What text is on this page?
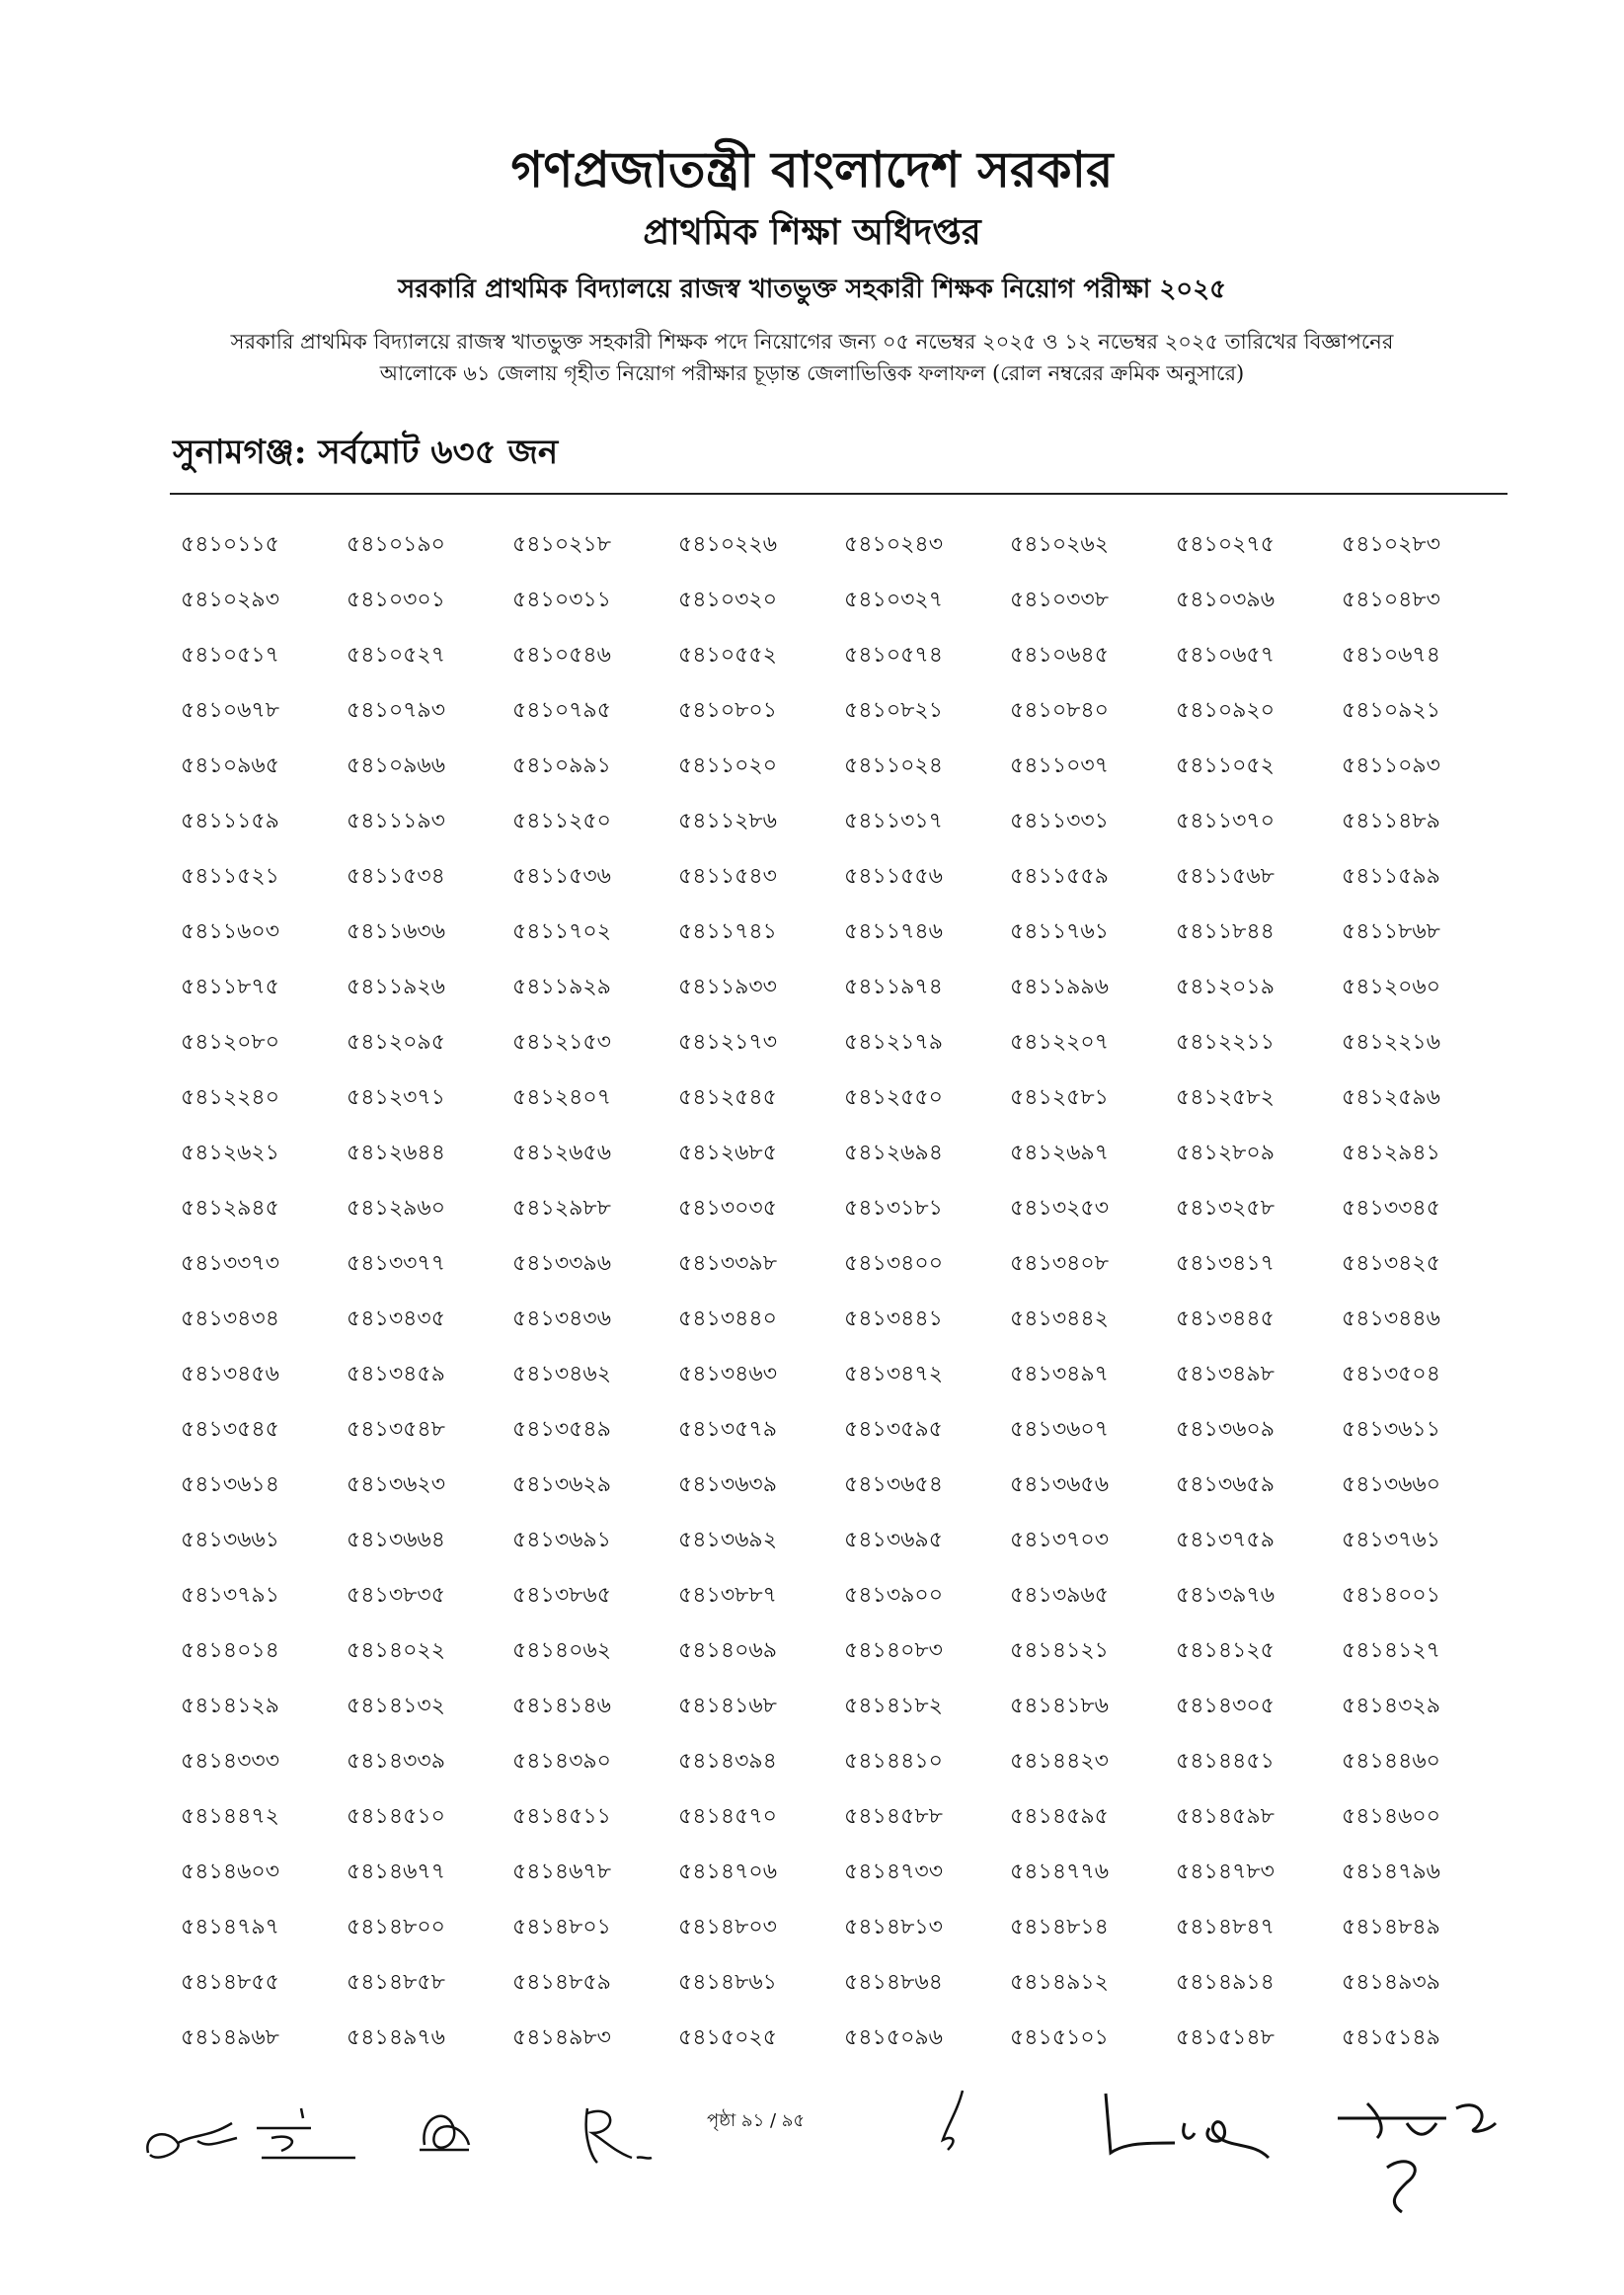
গণপ্রজাতন্ত্রী বাংলাদেশ সরকার
প্রাথমিক শিক্ষা অধিদপ্তর
সরকারি প্রাথমিক বিদ্যালয়ে রাজস্ব খাতভুক্ত সহকারী শিক্ষক নিয়োগ পরীক্ষা ২০২৫
সরকারি প্রাথমিক বিদ্যালয়ে রাজস্ব খাতভুক্ত সহকারী শিক্ষক পদে নিয়োগের জন্য ০৫ নভেম্বর ২০২৫ ও ১২ নভেম্বর ২০২৫ তারিখের বিজ্ঞাপনের
আলোকে ৬১ জেলায় গৃহীত নিয়োগ পরীক্ষার চূড়ান্ত জেলাভিত্তিক ফলাফল (রোল নম্বরের ক্রমিক অনুসারে)
সুনামগঞ্জ: সর্বমোট ৬৩৫ জন
৫৪১০১১৫	৫৪১০১৯০	৫৪১০২১৮	৫৪১০২২৬	৫৪১০২৪৩	৫৪১০২৬২	৫৪১০২৭৫	৫৪১০২৮৩
৫৪১০২৯৩	৫৪১০৩০১	৫৪১০৩১১	৫৪১০৩২০	৫৪১০৩২৭	৫৪১০৩৩৮	৫৪১০৩৯৬	৫৪১০৪৮৩
৫৪১০৫১৭	৫৪১০৫২৭	৫৪১০৫৪৬	৫৪১০৫৫২	৫৪১০৫৭৪	৫৪১০৬৪৫	৫৪১০৬৫৭	৫৪১০৬৭৪
৫৪১০৬৭৮	৫৪১০৭৯৩	৫৪১০৭৯৫	৫৪১০৮০১	৫৪১০৮২১	৫৪১০৮৪০	৫৪১০৯২০	৫৪১০৯২১
৫৪১০৯৬৫	৫৪১০৯৬৬	৫৪১০৯৯১	৫৪১১০২০	৫৪১১০২৪	৫৪১১০৩৭	৫৪১১০৫২	৫৪১১০৯৩
৫৪১১১৫৯	৫৪১১১৯৩	৫৪১১২৫০	৫৪১১২৮৬	৫৪১১৩১৭	৫৪১১৩৩১	৫৪১১৩৭০	৫৪১১৪৮৯
৫৪১১৫২১	৫৪১১৫৩৪	৫৪১১৫৩৬	৫৪১১৫৪৩	৫৪১১৫৫৬	৫৪১১৫৫৯	৫৪১১৫৬৮	৫৪১১৫৯৯
৫৪১১৬০৩	৫৪১১৬৩৬	৫৪১১৭০২	৫৪১১৭৪১	৫৪১১৭৪৬	৫৪১১৭৬১	৫৪১১৮৪৪	৫৪১১৮৬৮
৫৪১১৮৭৫	৫৪১১৯২৬	৫৪১১৯২৯	৫৪১১৯৩৩	৫৪১১৯৭৪	৫৪১১৯৯৬	৫৪১২০১৯	৫৪১২০৬০
৫৪১২০৮০	৫৪১২০৯৫	৫৪১২১৫৩	৫৪১২১৭৩	৫৪১২১৭৯	৫৪১২২০৭	৫৪১২২১১	৫৪১২২১৬
৫৪১২২৪০	৫৪১২৩৭১	৫৪১২৪০৭	৫৪১২৫৪৫	৫৪১২৫৫০	৫৪১২৫৮১	৫৪১২৫৮২	৫৪১২৫৯৬
৫৪১২৬২১	৫৪১২৬৪৪	৫৪১২৬৫৬	৫৪১২৬৮৫	৫৪১২৬৯৪	৫৪১২৬৯৭	৫৪১২৮০৯	৫৪১২৯৪১
৫৪১২৯৪৫	৫৪১২৯৬০	৫৪১২৯৮৮	৫৪১৩০৩৫	৫৪১৩১৮১	৫৪১৩২৫৩	৫৪১৩২৫৮	৫৪১৩৩৪৫
৫৪১৩৩৭৩	৫৪১৩৩৭৭	৫৪১৩৩৯৬	৫৪১৩৩৯৮	৫৪১৩৪০০	৫৪১৩৪০৮	৫৪১৩৪১৭	৫৪১৩৪২৫
৫৪১৩৪৩৪	৫৪১৩৪৩৫	৫৪১৩৪৩৬	৫৪১৩৪৪০	৫৪১৩৪৪১	৫৪১৩৪৪২	৫৪১৩৪৪৫	৫৪১৩৪৪৬
৫৪১৩৪৫৬	৫৪১৩৪৫৯	৫৪১৩৪৬২	৫৪১৩৪৬৩	৫৪১৩৪৭২	৫৪১৩৪৯৭	৫৪১৩৪৯৮	৫৪১৩৫০৪
৫৪১৩৫৪৫	৫৪১৩৫৪৮	৫৪১৩৫৪৯	৫৪১৩৫৭৯	৫৪১৩৫৯৫	৫৪১৩৬০৭	৫৪১৩৬০৯	৫৪১৩৬১১
৫৪১৩৬১৪	৫৪১৩৬২৩	৫৪১৩৬২৯	৫৪১৩৬৩৯	৫৪১৩৬৫৪	৫৪১৩৬৫৬	৫৪১৩৬৫৯	৫৪১৩৬৬০
৫৪১৩৬৬১	৫৪১৩৬৬৪	৫৪১৩৬৯১	৫৪১৩৬৯২	৫৪১৩৬৯৫	৫৪১৩৭০৩	৫৪১৩৭৫৯	৫৪১৩৭৬১
৫৪১৩৭৯১	৫৪১৩৮৩৫	৫৪১৩৮৬৫	৫৪১৩৮৮৭	৫৪১৩৯০০	৫৪১৩৯৬৫	৫৪১৩৯৭৬	৫৪১৪০০১
৫৪১৪০১৪	৫৪১৪০২২	৫৪১৪০৬২	৫৪১৪০৬৯	৫৪১৪০৮৩	৫৪১৪১২১	৫৪১৪১২৫	৫৪১৪১২৭
৫৪১৪১২৯	৫৪১৪১৩২	৫৪১৪১৪৬	৫৪১৪১৬৮	৫৪১৪১৮২	৫৪১৪১৮৬	৫৪১৪৩০৫	৫৪১৪৩২৯
৫৪১৪৩৩৩	৫৪১৪৩৩৯	৫৪১৪৩৯০	৫৪১৪৩৯৪	৫৪১৪৪১০	৫৪১৪৪২৩	৫৪১৪৪৫১	৫৪১৪৪৬০
৫৪১৪৪৭২	৫৪১৪৫১০	৫৪১৪৫১১	৫৪১৪৫৭০	৫৪১৪৫৮৮	৫৪১৪৫৯৫	৫৪১৪৫৯৮	৫৪১৪৬০০
৫৪১৪৬০৩	৫৪১৪৬৭৭	৫৪১৪৬৭৮	৫৪১৪৭০৬	৫৪১৪৭৩৩	৫৪১৪৭৭৬	৫৪১৪৭৮৩	৫৪১৪৭৯৬
৫৪১৪৭৯৭	৫৪১৪৮০০	৫৪১৪৮০১	৫৪১৪৮০৩	৫৪১৪৮১৩	৫৪১৪৮১৪	৫৪১৪৮৪৭	৫৪১৪৮৪৯
৫৪১৪৮৫৫	৫৪১৪৮৫৮	৫৪১৪৮৫৯	৫৪১৪৮৬১	৫৪১৪৮৬৪	৫৪১৪৯১২	৫৪১৪৯১৪	৫৪১৪৯৩৯
৫৪১৪৯৬৮	৫৪১৪৯৭৬	৫৪১৪৯৮৩	৫৪১৫০২৫	৫৪১৫০৯৬	৫৪১৫১০১	৫৪১৫১৪৮	৫৪১৫১৪৯
পৃষ্ঠা ৯১ / ৯৫
